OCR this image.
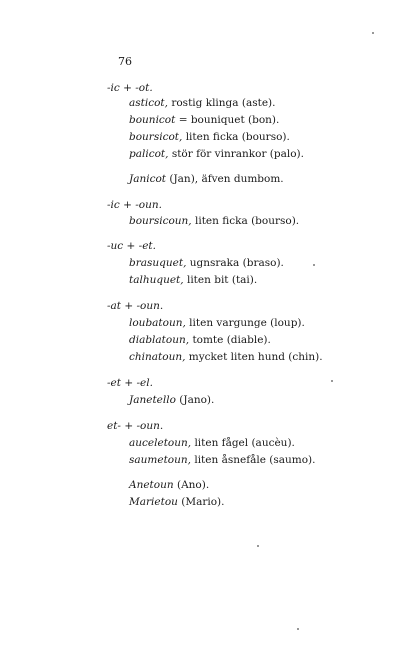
76
-ic + -ot.
asticot, rostig klinga (aste).
bounicot = bouniquet (bon).
boursicot, liten ficka (bourso).
palicot, stör för vinrankor (palo).
Janicot (Jan), äfven dumbom.
-ic + -oun.
boursicoun, liten ficka (bourso).
-uc + -et.
brasuquet, ugnsraka (braso).
talhuquet, liten bit (tai).
-at + -oun.
loubatoun, liten vargunge (loup).
diablatoun, tomte (diable).
chinatoun, mycket liten hund (chin).
-et + -el.
Janetello (Jano).
et- + -oun.
auceletoun, liten fågel (aucèu).
saumetoun, liten åsnefåle (saumo).
Anetoun (Ano).
Marietou (Mario).
